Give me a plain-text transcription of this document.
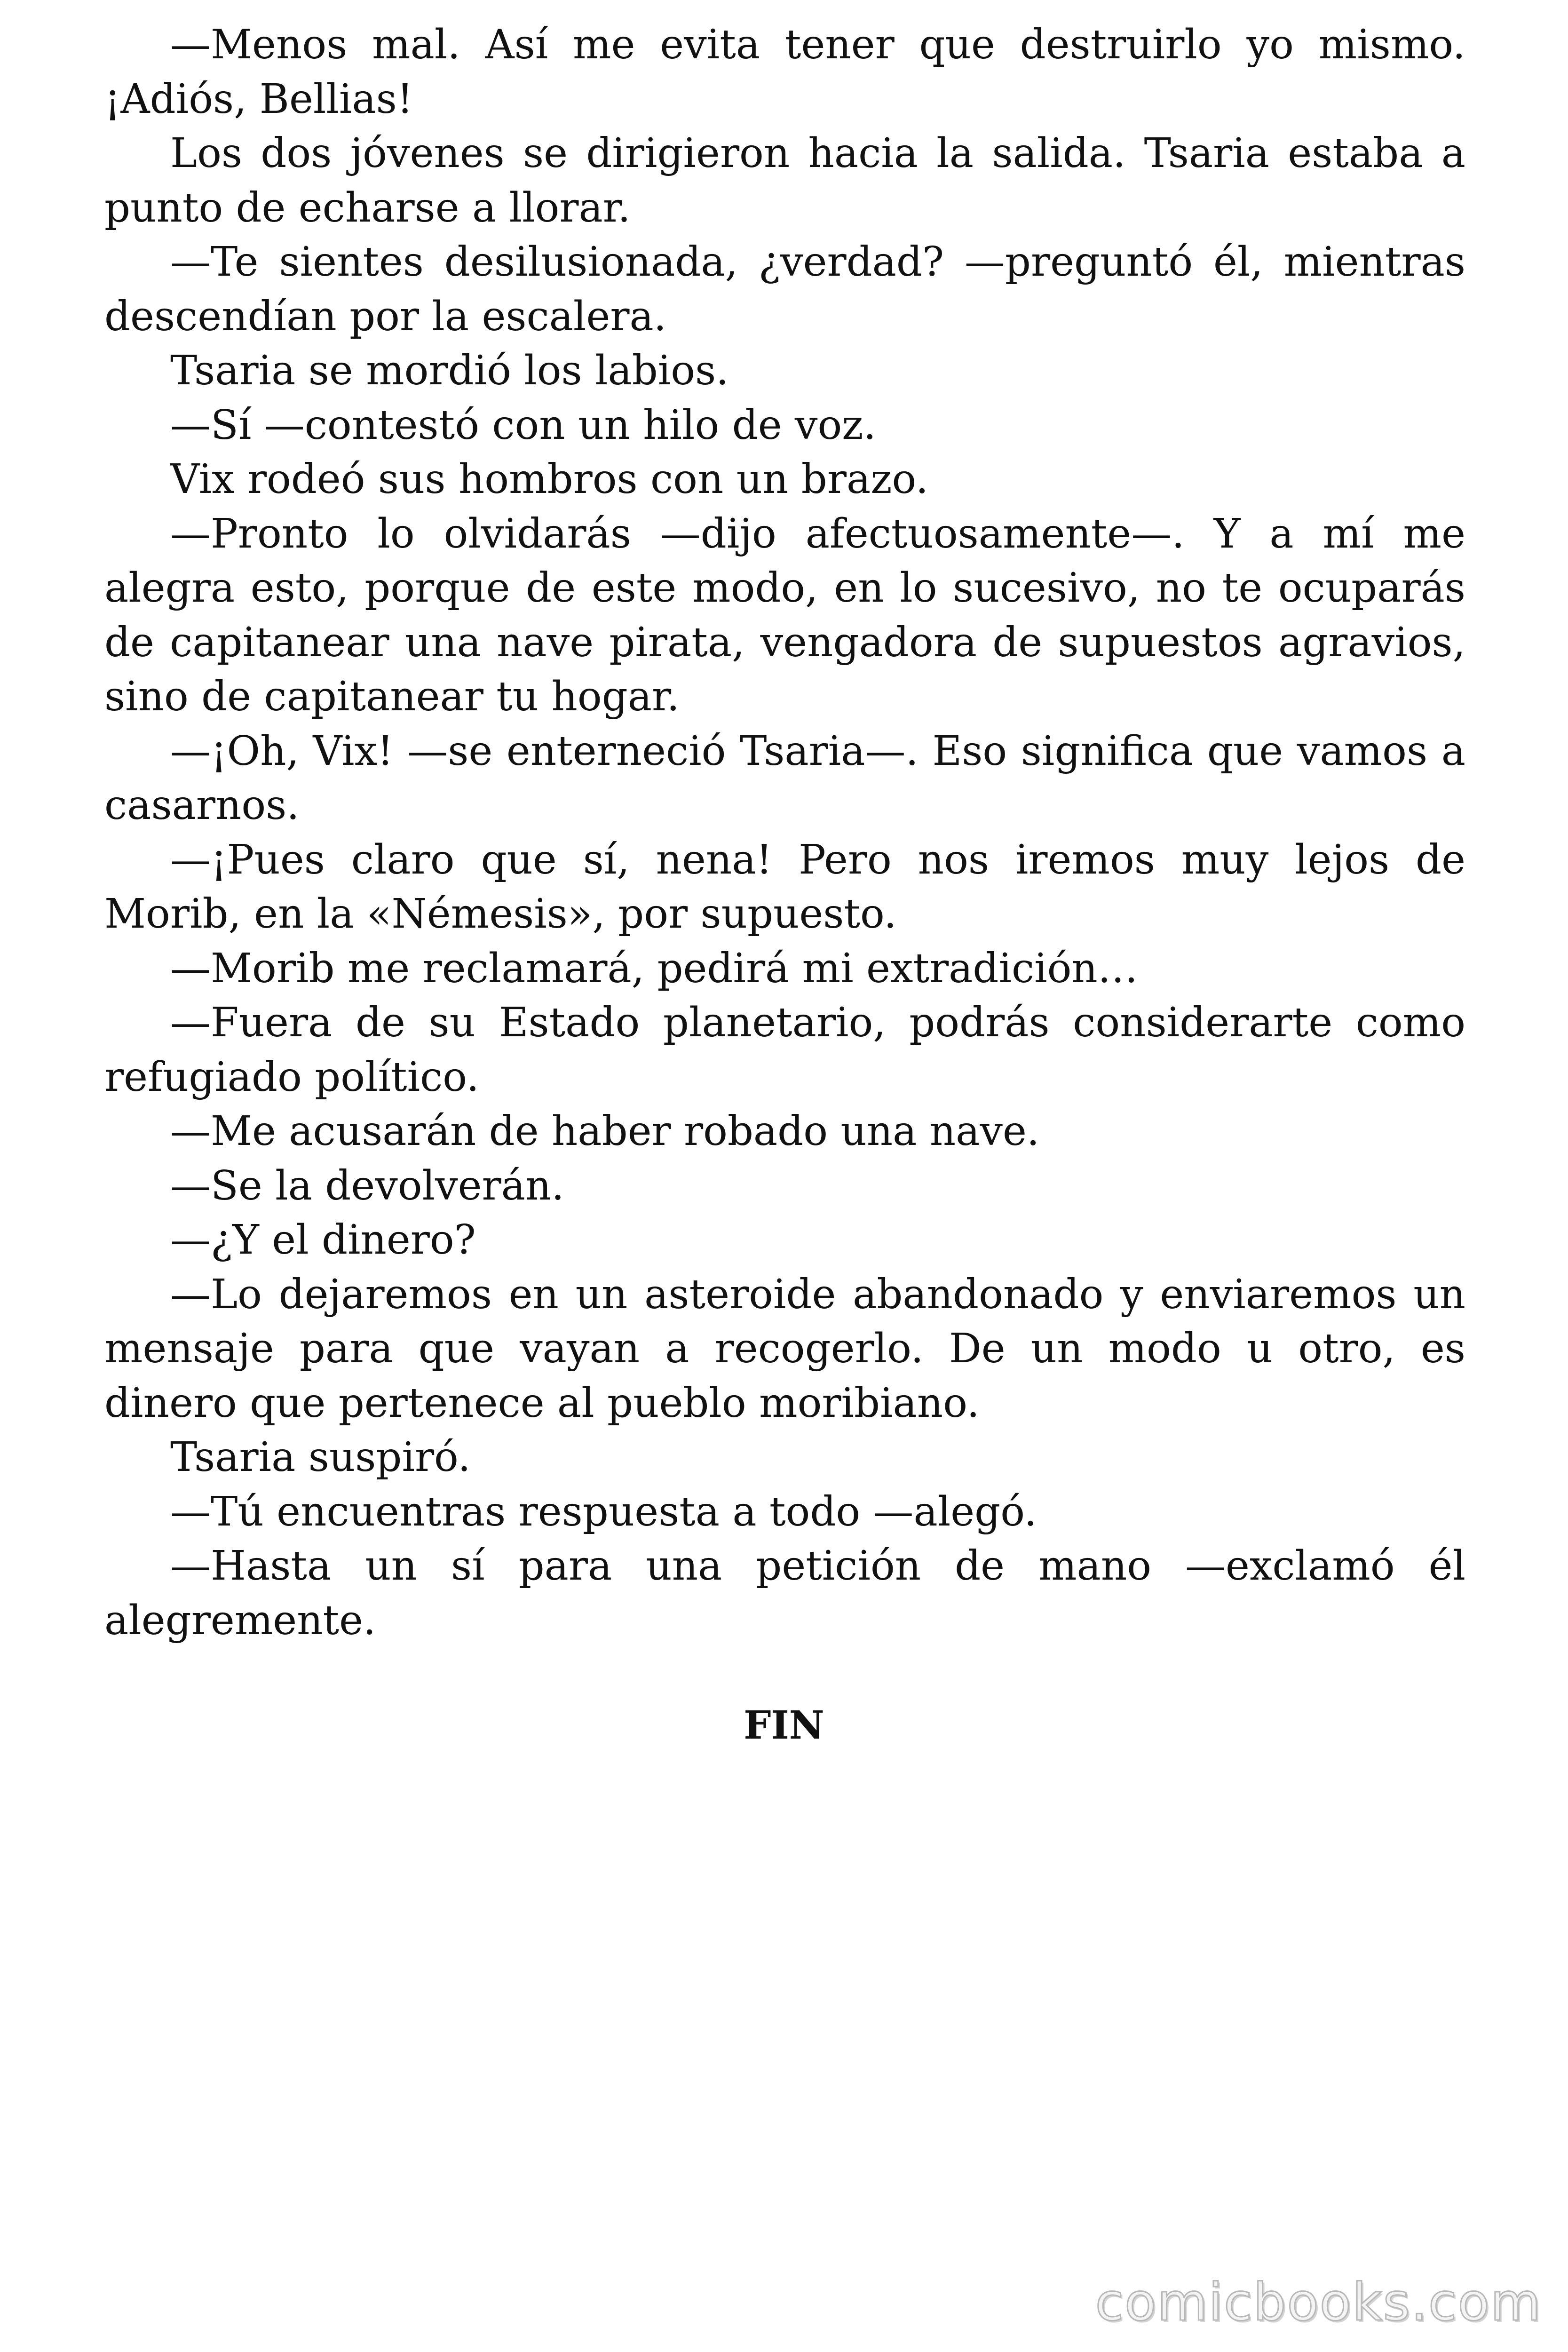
—Menos mal. Así me evita tener que destruirlo yo mismo. ¡Adiós, Bellias!

Los dos jóvenes se dirigieron hacia la salida. Tsaria estaba a punto de echarse a llorar.

—Te sientes desilusionada, ¿verdad? —preguntó él, mientras descendían por la escalera.

Tsaria se mordió los labios.

—Sí —contestó con un hilo de voz.

Vix rodeó sus hombros con un brazo.

—Pronto lo olvidarás —dijo afectuosamente—. Y a mí me alegra esto, porque de este modo, en lo sucesivo, no te ocuparás de capitanear una nave pirata, vengadora de supuestos agravios, sino de capitanear tu hogar.

—¡Oh, Vix! —se enterneció Tsaria—. Eso significa que vamos a casarnos.

—¡Pues claro que sí, nena! Pero nos iremos muy lejos de Morib, en la «Némesis», por supuesto.

—Morib me reclamará, pedirá mi extradición…

—Fuera de su Estado planetario, podrás considerarte como refugiado político.

—Me acusarán de haber robado una nave.

—Se la devolverán.

—¿Y el dinero?

—Lo dejaremos en un asteroide abandonado y enviaremos un mensaje para que vayan a recogerlo. De un modo u otro, es dinero que pertenece al pueblo moribiano.

Tsaria suspiró.

—Tú encuentras respuesta a todo —alegó.

—Hasta un sí para una petición de mano —exclamó él alegremente.

FIN

comicbooks.com
